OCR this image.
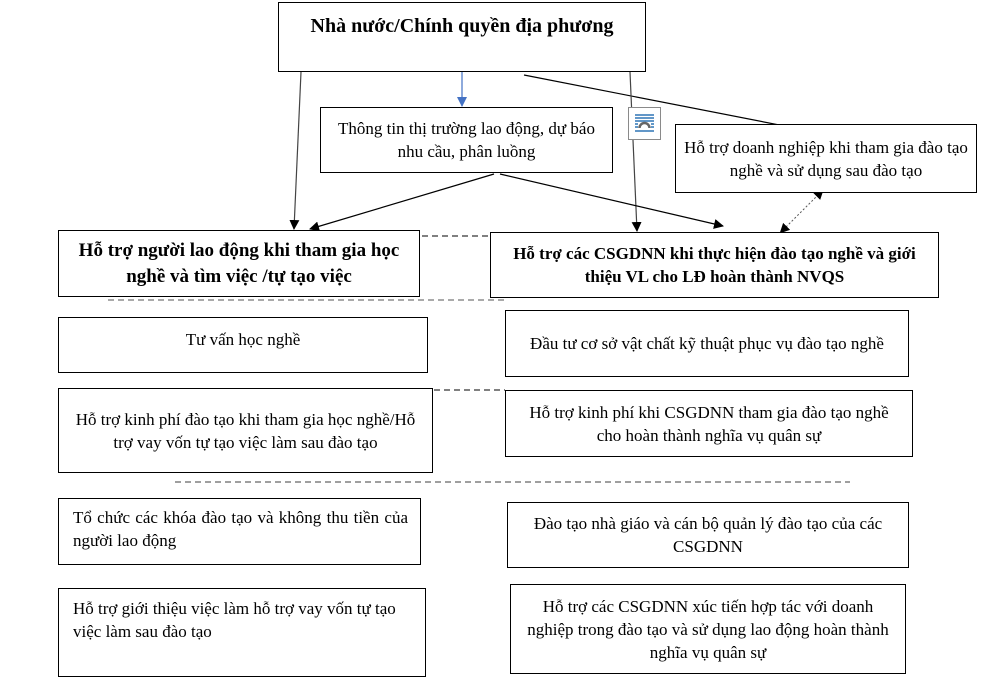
Nhà nước/Chính quyền địa phương
Thông tin thị trường lao động, dự báo nhu cầu, phân luồng	Hỗ trợ doanh nghiệp khi tham gia đào tạo nghề và sử dụng sau đào tạo
Hỗ trợ người lao động khi tham gia học nghề và tìm việc /tự tạo việc
Hỗ trợ các CSGDNN khi thực hiện đào tạo nghề và giới thiệu VL cho LĐ hoàn thành NVQS
Tư vấn học nghề
Hỗ trợ kinh phí đào tạo khi tham gia học nghề/Hỗ trợ vay vốn tự tạo việc làm sau đào tạo
Tổ chức các khóa đào tạo và không thu tiền của người lao động
Hỗ trợ giới thiệu việc làm hỗ trợ vay vốn tự tạo việc làm sau đào tạo
Đầu tư cơ sở vật chất kỹ thuật phục vụ đào tạo nghề
Hỗ trợ kinh phí khi CSGDNN tham gia đào tạo nghề cho hoàn thành nghĩa vụ quân sự
Đào tạo nhà giáo và cán bộ quản lý đào tạo của các CSGDNN
Hỗ trợ các CSGDNN xúc tiến hợp tác với doanh nghiệp trong đào tạo và sử dụng lao động hoàn thành nghĩa vụ quân sự
